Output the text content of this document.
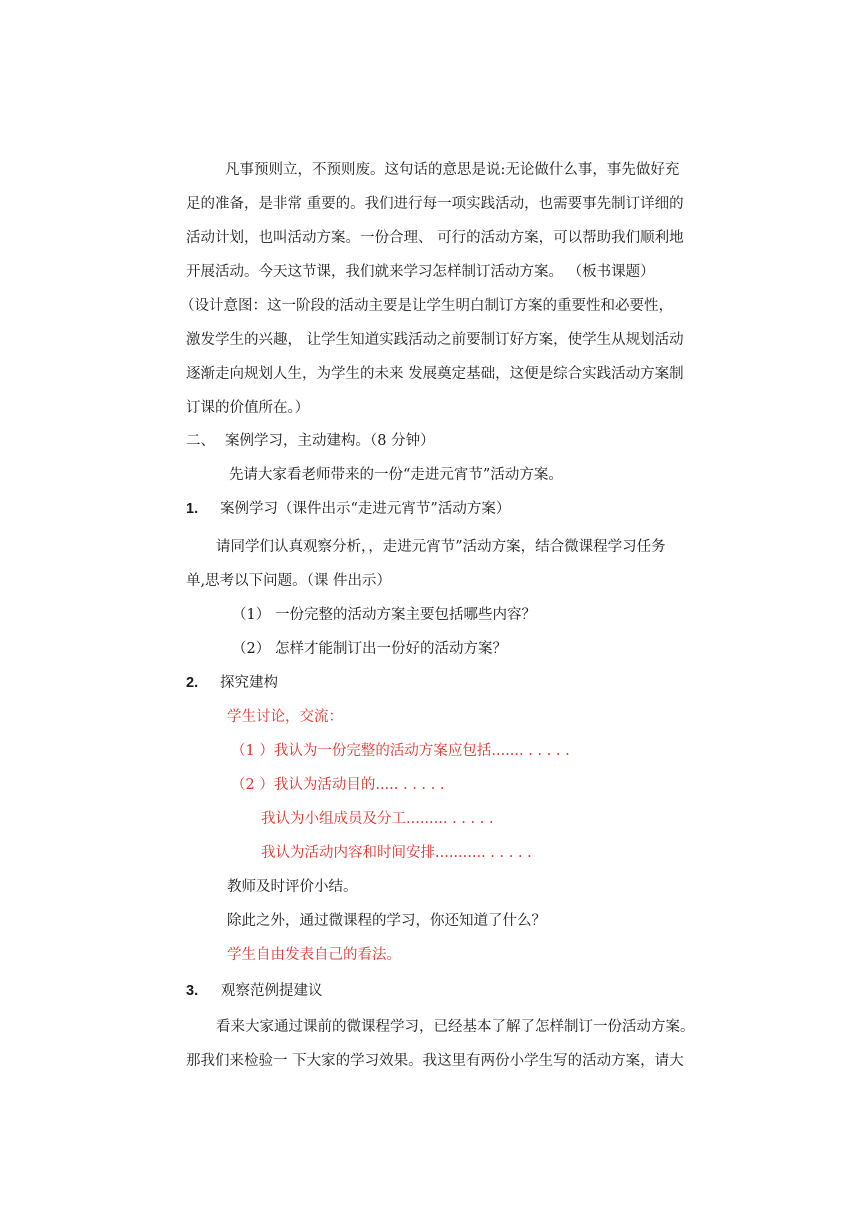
凡事预则立，不预则废。这句话的意思是说:无论做什么事，事先做好充
足的准备，是非常 重要的。我们进行每一项实践活动，也需要事先制订详细的
活动计划，也叫活动方案。一份合理、 可行的活动方案，可以帮助我们顺利地
开展活动。今天这节课，我们就来学习怎样制订活动方案。 （板书课题）
（设计意图：这一阶段的活动主要是让学生明白制订方案的重要性和必要性，
激发学生的兴趣， 让学生知道实践活动之前要制订好方案，使学生从规划活动
逐渐走向规划人生，为学生的未来 发展奠定基础，这便是综合实践活动方案制
订课的价值所在。）
二、 案例学习，主动建构。（8 分钟）
先请大家看老师带来的一份“走进元宵节”活动方案。
1. 案例学习（课件出示“走进元宵节”活动方案）
请同学们认真观察分析，，走进元宵节”活动方案，结合微课程学习任务
单,思考以下问题。（课 件出示）
（1） 一份完整的活动方案主要包括哪些内容？
（2） 怎样才能制订出一份好的活动方案？
2. 探究建构
学生讨论，交流：
（1 ）我认为一份完整的活动方案应包括....... . . . . .
（2 ）我认为活动目的..... . . . . .
我认为小组成员及分工......... . . . . .
我认为活动内容和时间安排........... . . . . .
教师及时评价小结。
除此之外，通过微课程的学习，你还知道了什么？
学生自由发表自己的看法。
3. 观察范例提建议
看来大家通过课前的微课程学习，已经基本了解了怎样制订一份活动方案。
那我们来检验一 下大家的学习效果。我这里有两份小学生写的活动方案，请大
